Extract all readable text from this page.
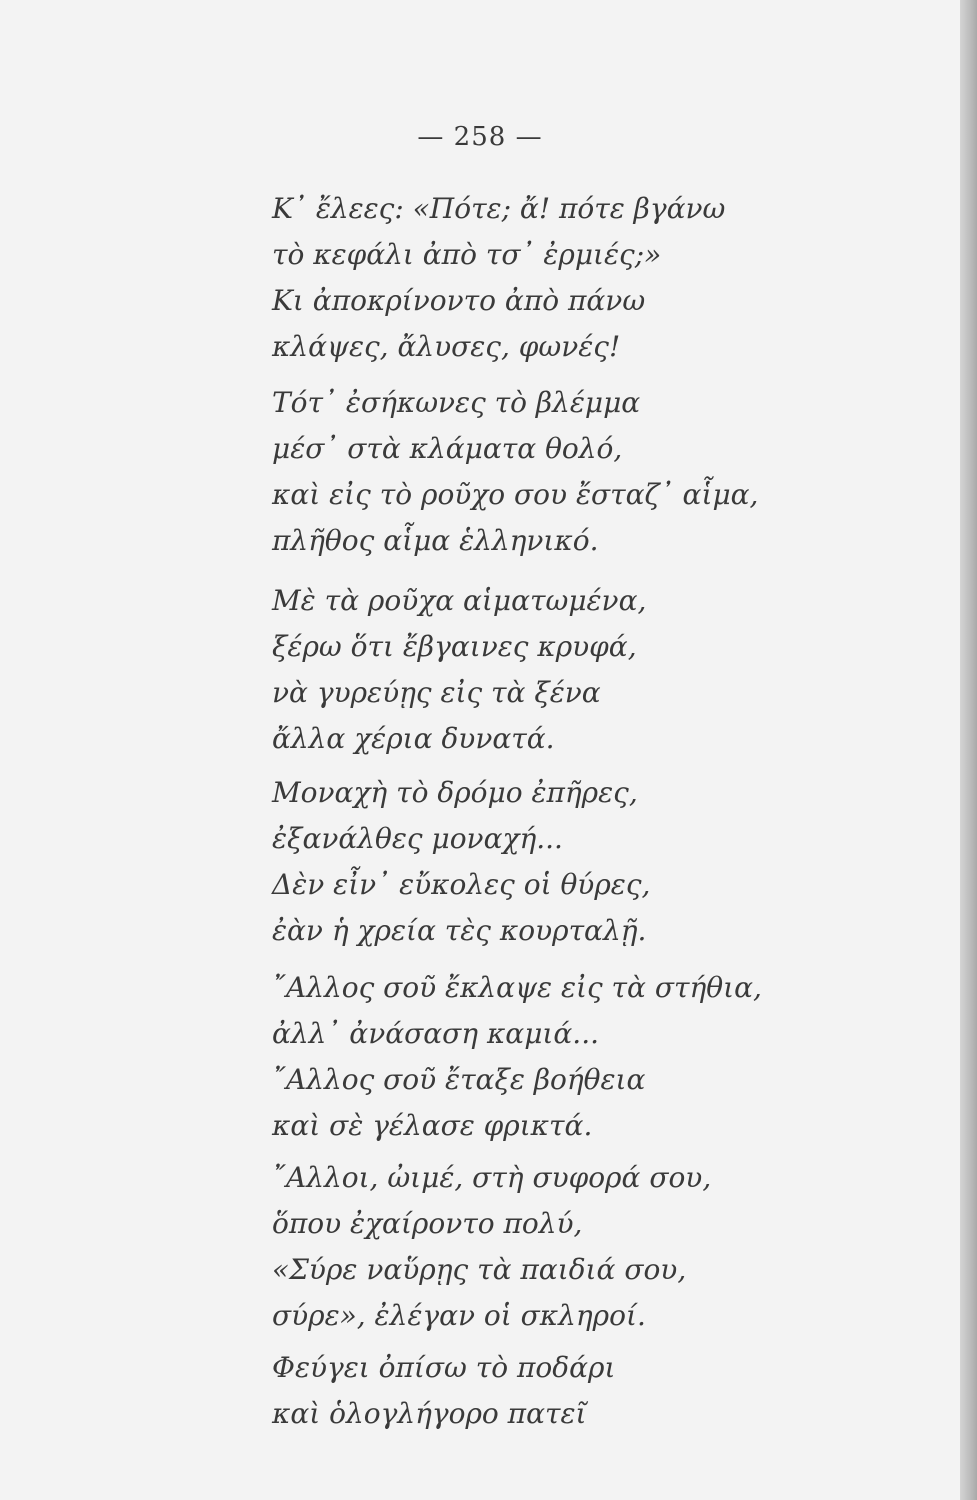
— 258 —
Κ᾿ ἔλεες: «Πότε; ἄ! πότε βγάνω
τὸ κεφάλι ἀπὸ τσ᾿ ἐρμιές;»
Κι ἀποκρίνοντο ἀπὸ πάνω
κλάψες, ἄλυσες, φωνές!
Τότ᾿ ἐσήκωνες τὸ βλέμμα
μέσ᾿ στὰ κλάματα θολό,
καὶ εἰς τὸ ροῦχο σου ἔσταζ᾿ αἷμα,
πλῆθος αἷμα ἑλληνικό.
Μὲ τὰ ροῦχα αἱματωμένα,
ξέρω ὅτι ἔβγαινες κρυφά,
νὰ γυρεύῃς εἰς τὰ ξένα
ἄλλα χέρια δυνατά.
Μοναχὴ τὸ δρόμο ἐπῆρες,
ἐξανάλθες μοναχή...
Δὲν εἶν᾿ εὔκολες οἱ θύρες,
ἐὰν ἡ χρεία τὲς κουρταλῇ.
῎Αλλος σοῦ ἔκλαψε εἰς τὰ στήθια,
ἀλλ᾿ ἀνάσαση καμιά...
῎Αλλος σοῦ ἔταξε βοήθεια
καὶ σὲ γέλασε φρικτά.
῎Αλλοι, ὠιμέ, στὴ συφορά σου,
ὅπου ἐχαίροντο πολύ,
«Σύρε ναὕρῃς τὰ παιδιά σου,
σύρε», ἐλέγαν οἱ σκληροί.
Φεύγει ὀπίσω τὸ ποδάρι
καὶ ὁλογλήγορο πατεῖ
